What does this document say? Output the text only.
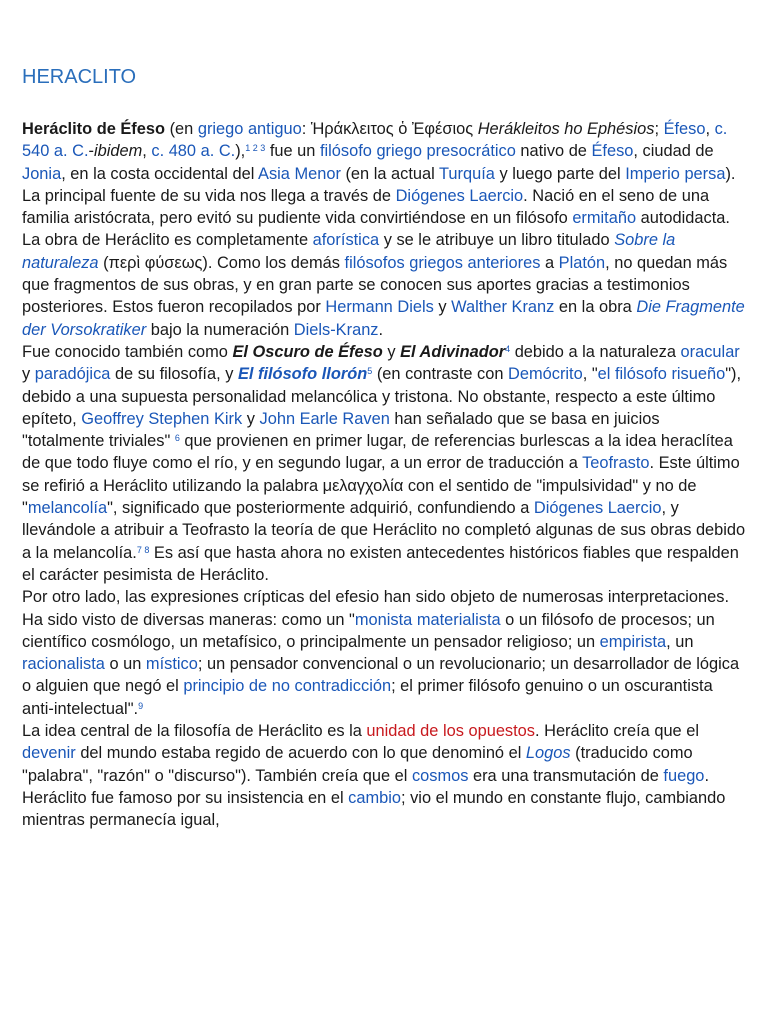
HERACLITO

Heráclito de Éfeso (en griego antiguo: Ἡράκλειτος ὁ Ἐφέσιος Herákleitos ho Ephésios; Éfeso, c. 540 a. C.-ibidem, c. 480 a. C.),$^{1 2 3}$ fue un filósofo griego presocrático nativo de Éfeso, ciudad de Jonia, en la costa occidental del Asia Menor (en la actual Turquía y luego parte del Imperio persa).

La principal fuente de su vida nos llega a través de Diógenes Laercio. Nació en el seno de una familia aristócrata, pero evitó su pudiente vida convirtiéndose en un filósofo ermitaño autodidacta. La obra de Heráclito es completamente aforística y se le atribuye un libro titulado Sobre la naturaleza (περὶ φύσεως). Como los demás filósofos griegos anteriores a Platón, no quedan más que fragmentos de sus obras, y en gran parte se conocen sus aportes gracias a testimonios posteriores. Estos fueron recopilados por Hermann Diels y Walther Kranz en la obra Die Fragmente der Vorsokratiker bajo la numeración Diels-Kranz.

Fue conocido también como El Oscuro de Éfeso y El Adivinador$^4$ debido a la naturaleza oracular y paradójica de su filosofía, y El filósofo llorón$^5$ (en contraste con Demócrito, "el filósofo risueño"), debido a una supuesta personalidad melancólica y tristona. No obstante, respecto a este último epíteto, Geoffrey Stephen Kirk y John Earle Raven han señalado que se basa en juicios "totalmente triviales" $^6$ que provienen en primer lugar, de referencias burlescas a la idea heraclítea de que todo fluye como el río, y en segundo lugar, a un error de traducción a Teofrasto. Este último se refirió a Heráclito utilizando la palabra μελαγχολία con el sentido de "impulsividad" y no de "melancolía", significado que posteriormente adquirió, confundiendo a Diógenes Laercio, y llevándole a atribuir a Teofrasto la teoría de que Heráclito no completó algunas de sus obras debido a la melancolía.$^{7 8}$ Es así que hasta ahora no existen antecedentes históricos fiables que respalden el carácter pesimista de Heráclito.

Por otro lado, las expresiones crípticas del efesio han sido objeto de numerosas interpretaciones. Ha sido visto de diversas maneras: como un "monista materialista o un filósofo de procesos; un científico cosmólogo, un metafísico, o principalmente un pensador religioso; un empirista, un racionalista o un místico; un pensador convencional o un revolucionario; un desarrollador de lógica o alguien que negó el principio de no contradicción; el primer filósofo genuino o un oscurantista anti-intelectual".$^9$

La idea central de la filosofía de Heráclito es la unidad de los opuestos. Heráclito creía que el devenir del mundo estaba regido de acuerdo con lo que denominó el Logos (traducido como "palabra", "razón" o "discurso"). También creía que el cosmos era una transmutación de fuego. Heráclito fue famoso por su insistencia en el cambio; vio el mundo en constante flujo, cambiando mientras permanecía igual,
